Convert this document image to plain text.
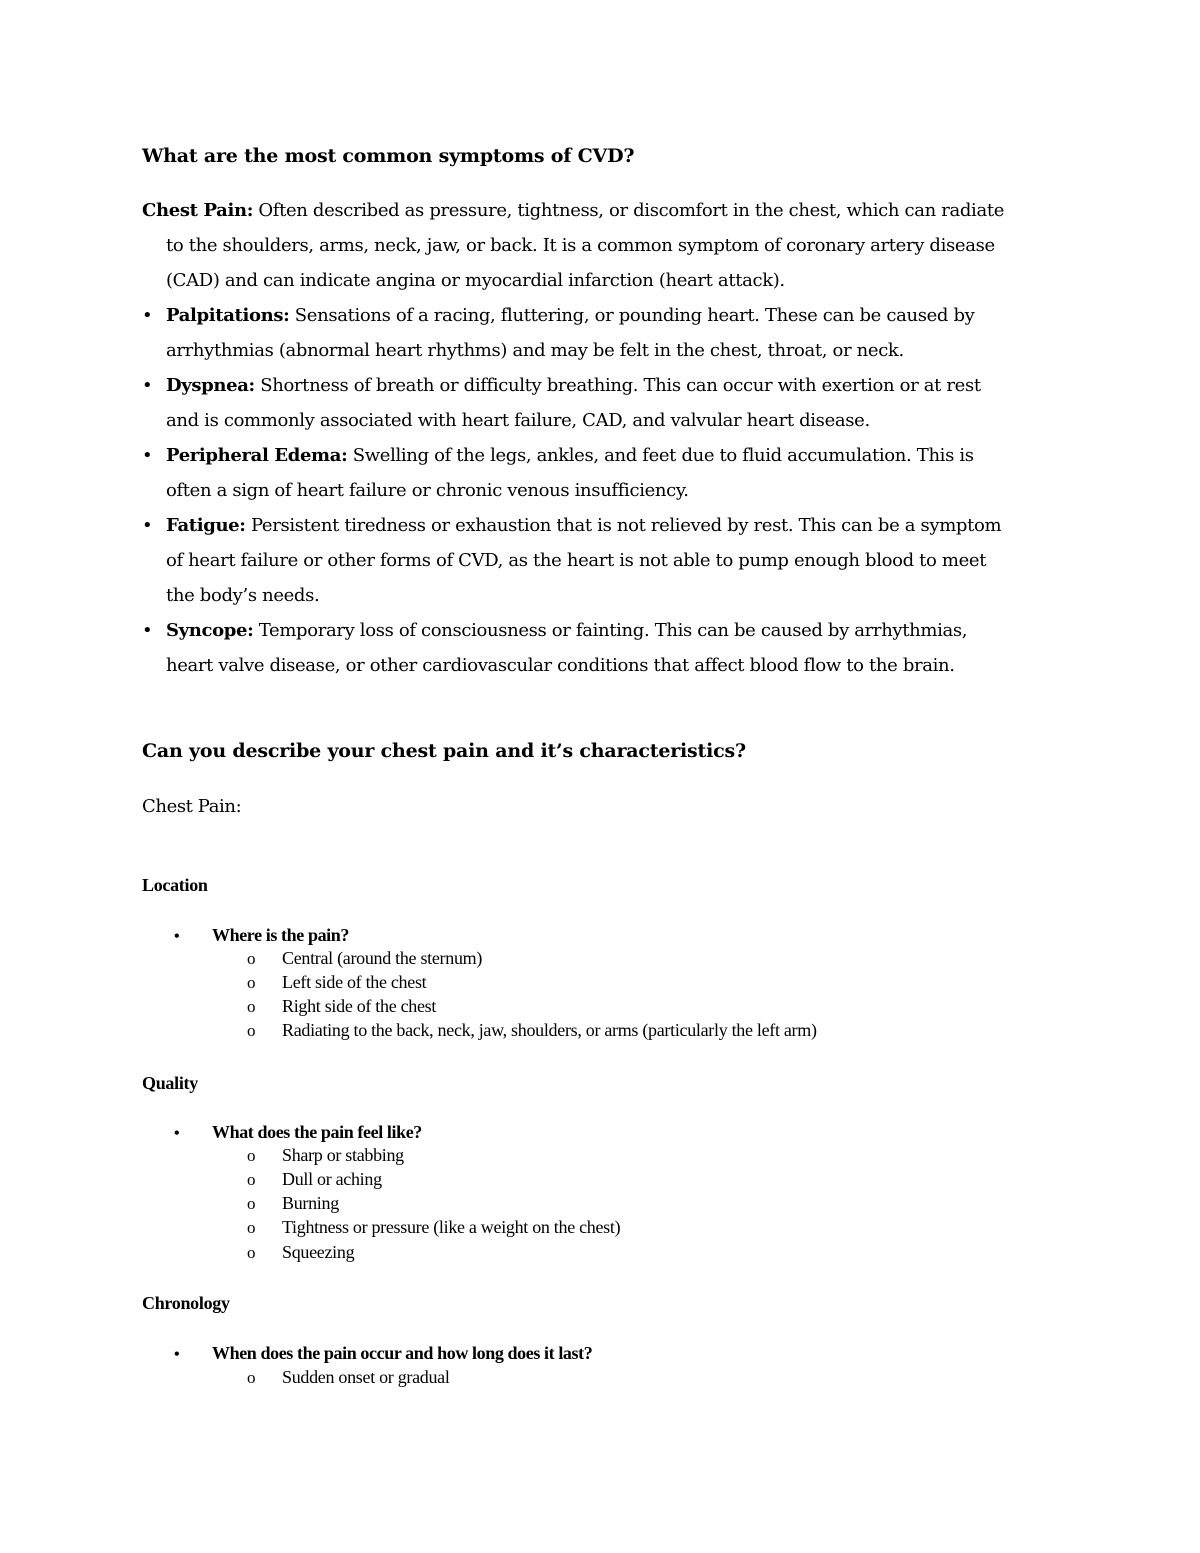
What are the most common symptoms of CVD?
Chest Pain: Often described as pressure, tightness, or discomfort in the chest, which can radiate
to the shoulders, arms, neck, jaw, or back. It is a common symptom of coronary artery disease
(CAD) and can indicate angina or myocardial infarction (heart attack).
• Palpitations: Sensations of a racing, fluttering, or pounding heart. These can be caused by
arrhythmias (abnormal heart rhythms) and may be felt in the chest, throat, or neck.
• Dyspnea: Shortness of breath or difficulty breathing. This can occur with exertion or at rest
and is commonly associated with heart failure, CAD, and valvular heart disease.
• Peripheral Edema: Swelling of the legs, ankles, and feet due to fluid accumulation. This is
often a sign of heart failure or chronic venous insufficiency.
• Fatigue: Persistent tiredness or exhaustion that is not relieved by rest. This can be a symptom
of heart failure or other forms of CVD, as the heart is not able to pump enough blood to meet
the body’s needs.
• Syncope: Temporary loss of consciousness or fainting. This can be caused by arrhythmias,
heart valve disease, or other cardiovascular conditions that affect blood flow to the brain.
Can you describe your chest pain and it’s characteristics?

Chest Pain:

Location
• Where is the pain?
o Central (around the sternum)
o Left side of the chest
o Right side of the chest
o Radiating to the back, neck, jaw, shoulders, or arms (particularly the left arm)
Quality
• What does the pain feel like?
o Sharp or stabbing
o Dull or aching
o Burning
o Tightness or pressure (like a weight on the chest)
o Squeezing
Chronology
• When does the pain occur and how long does it last?
o Sudden onset or gradual
